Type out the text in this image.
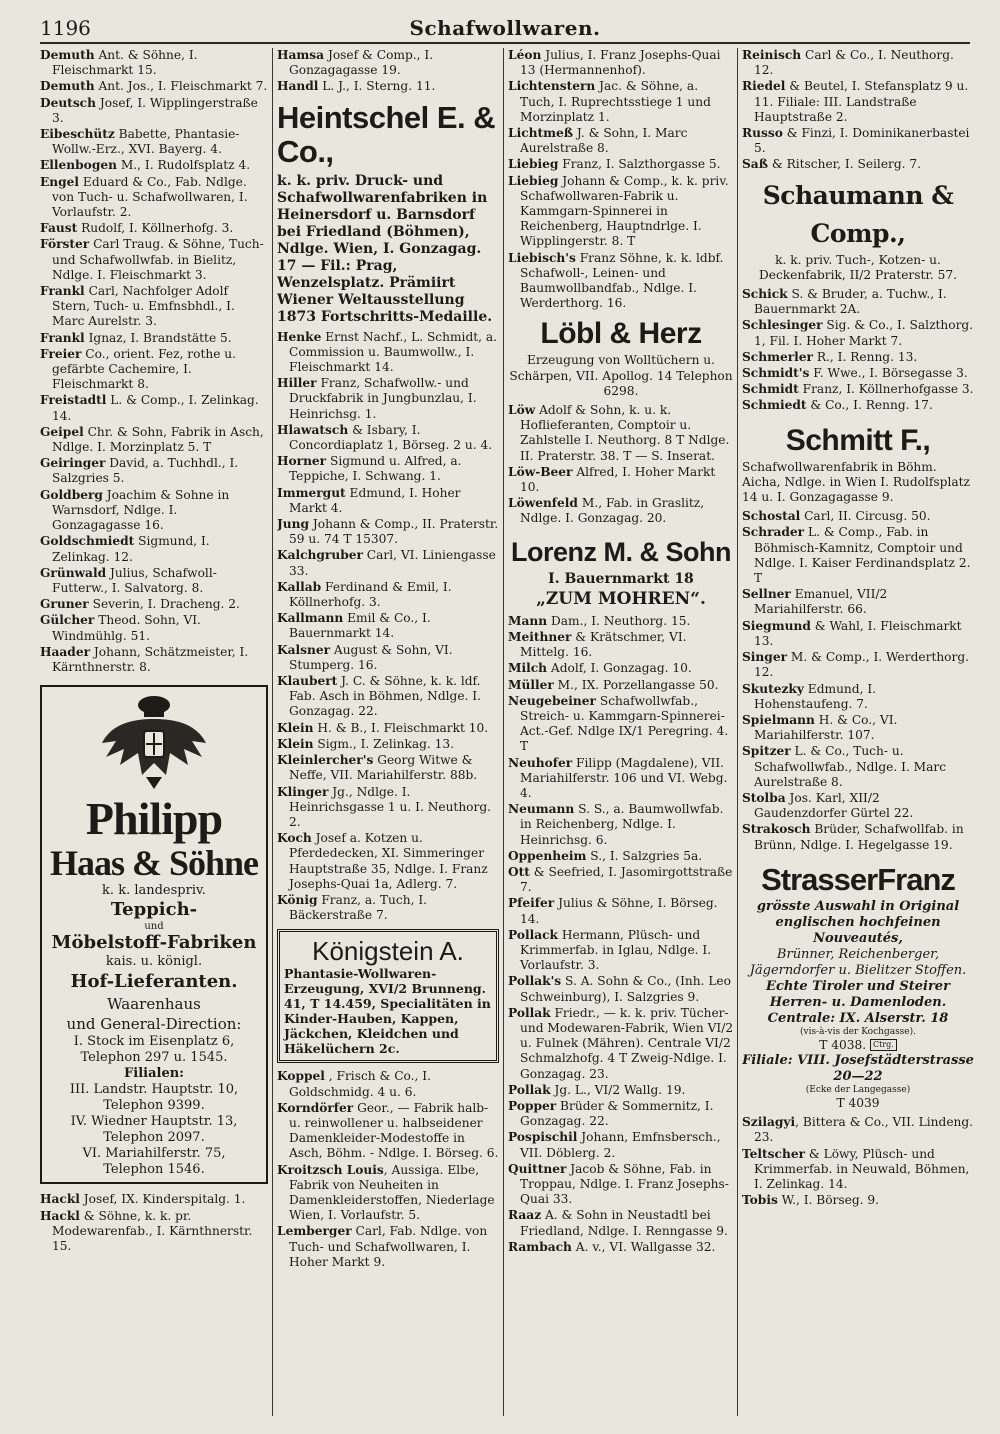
1196	Schafwollwaren.
Demuth Ant. & Söhne, I. Fleischmarkt 15.
Demuth Ant. Jos., I. Fleischmarkt 7.
Deutsch Josef, I. Wipplingerstraße 3.
Eibeschütz Babette, Phantasie-Wollw.-Erz., XVI. Bayerg. 4.
Ellenbogen M., I. Rudolfsplatz 4.
Engel Eduard & Co., Fab. Ndlge. von Tuch- u. Schafwollwaren, I. Vorlaufstr. 2.
Faust Rudolf, I. Köllnerhofg. 3.
Förster Carl Traug. & Söhne, Tuch- und Schafwollwfab. in Bielitz, Ndlge. I. Fleischmarkt 3.
Frankl Carl, Nachfolger Adolf Stern, Tuch- u. Emfnsbhdl., I. Marc Aurelstr. 3.
Frankl Ignaz, I. Brandstätte 5.
Freier Co., orient. Fez, rothe u. gefärbte Cachemire, I. Fleischmarkt 8.
Freistadtl L. & Comp., I. Zelinkag. 14.
Geipel Chr. & Sohn, Fabrik in Asch, Ndlge. I. Morzinplatz 5. T
Geiringer David, a. Tuchhdl., I. Salzgries 5.
Goldberg Joachim & Sohne in Warnsdorf, Ndlge. I. Gonzagagasse 16.
Goldschmiedt Sigmund, I. Zelinkag. 12.
Grünwald Julius, Schafwoll-Futterw., I. Salvatorg. 8.
Gruner Severin, I. Dracheng. 2.
Gülcher Theod. Sohn, VI. Windmühlg. 51.
Haader Johann, Schätzmeister, I. Kärnthnerstr. 8.
Philipp
Haas & Söhne
k. k. landespriv.
Teppich-
und
Möbelstoff-Fabriken
kais. u. königl.
Hof-Lieferanten.
Waarenhaus
und General-Direction:
I. Stock im Eisenplatz 6,
Telephon 297 u. 1545.
Filialen:
III. Landstr. Hauptstr. 10,
Telephon 9399.
IV. Wiedner Hauptstr. 13,
Telephon 2097.
VI. Mariahilferstr. 75,
Telephon 1546.
Hackl Josef, IX. Kinderspitalg. 1.
Hackl & Söhne, k. k. pr. Modewarenfab., I. Kärnthnerstr. 15.
Hamsa Josef & Comp., I. Gonzagagasse 19.
Handl L. J., I. Sterng. 11.
Heintschel E. & Co.,
k. k. priv. Druck- und Schafwollwarenfabriken in Heinersdorf u. Barnsdorf bei Friedland (Böhmen), Ndlge. Wien, I. Gonzagag. 17 — Fil.: Prag, Wenzelsplatz. Prämiirt Wiener Weltausstellung 1873 Fortschritts-Medaille.
Henke Ernst Nachf., L. Schmidt, a. Commission u. Baumwollw., I. Fleischmarkt 14.
Hiller Franz, Schafwollw.- und Druckfabrik in Jungbunzlau, I. Heinrichsg. 1.
Hlawatsch & Isbary, I. Concordiaplatz 1, Börseg. 2 u. 4.
Horner Sigmund u. Alfred, a. Teppiche, I. Schwang. 1.
Immergut Edmund, I. Hoher Markt 4.
Jung Johann & Comp., II. Praterstr. 59 u. 74 T 15307.
Kalchgruber Carl, VI. Liniengasse 33.
Kallab Ferdinand & Emil, I. Köllnerhofg. 3.
Kallmann Emil & Co., I. Bauernmarkt 14.
Kalsner August & Sohn, VI. Stumperg. 16.
Klaubert J. C. & Söhne, k. k. ldf. Fab. Asch in Böhmen, Ndlge. I. Gonzagag. 22.
Klein H. & B., I. Fleischmarkt 10.
Klein Sigm., I. Zelinkag. 13.
Kleinlercher's Georg Witwe & Neffe, VII. Mariahilferstr. 88b.
Klinger Jg., Ndlge. I. Heinrichsgasse 1 u. I. Neuthorg. 2.
Koch Josef a. Kotzen u. Pferdedecken, XI. Simmeringer Hauptstraße 35, Ndlge. I. Franz Josephs-Quai 1a, Adlerg. 7.
König Franz, a. Tuch, I. Bäckerstraße 7.
Königstein A.
Phantasie-Wollwaren-Erzeugung, XVI/2 Brunneng. 41, T 14.459, Specialitäten in Kinder-Hauben, Kappen, Jäckchen, Kleidchen und Häkelüchern 2c.
Koppel , Frisch & Co., I. Goldschmidg. 4 u. 6.
Korndörfer Geor., — Fabrik halb- u. reinwollener u. halbseidener Damenkleider-Modestoffe in Asch, Böhm. - Ndlge. I. Börseg. 6.
Kroitzsch Louis, Aussiga. Elbe, Fabrik von Neuheiten in Damenkleiderstoffen, Niederlage Wien, I. Vorlaufstr. 5.
Lemberger Carl, Fab. Ndlge. von Tuch- und Schafwollwaren, I. Hoher Markt 9.
Léon Julius, I. Franz Josephs-Quai 13 (Hermannenhof).
Lichtenstern Jac. & Söhne, a. Tuch, I. Ruprechtsstiege 1 und Morzinplatz 1.
Lichtmeß J. & Sohn, I. Marc Aurelstraße 8.
Liebieg Franz, I. Salzthorgasse 5.
Liebieg Johann & Comp., k. k. priv. Schafwollwaren-Fabrik u. Kammgarn-Spinnerei in Reichenberg, Hauptndrlge. I. Wipplingerstr. 8. T
Liebisch's Franz Söhne, k. k. ldbf. Schafwoll-, Leinen- und Baumwollbandfab., Ndlge. I. Werderthorg. 16.
Löbl & Herz
Erzeugung von Wolltüchern u. Schärpen, VII. Apollog. 14 Telephon 6298.
Löw Adolf & Sohn, k. u. k. Hoflieferanten, Comptoir u. Zahlstelle I. Neuthorg. 8 T Ndlge. II. Praterstr. 38. T — S. Inserat.
Löw-Beer Alfred, I. Hoher Markt 10.
Löwenfeld M., Fab. in Graslitz, Ndlge. I. Gonzagag. 20.
Lorenz M. & Sohn
I. Bauernmarkt 18
„ZUM MOHREN“.
Mann Dam., I. Neuthorg. 15.
Meithner & Krätschmer, VI. Mittelg. 16.
Milch Adolf, I. Gonzagag. 10.
Müller M., IX. Porzellangasse 50.
Neugebeiner Schafwollwfab., Streich- u. Kammgarn-Spinnerei-Act.-Gef. Ndlge IX/1 Peregring. 4. T
Neuhofer Filipp (Magdalene), VII. Mariahilferstr. 106 und VI. Webg. 4.
Neumann S. S., a. Baumwollwfab. in Reichenberg, Ndlge. I. Heinrichsg. 6.
Oppenheim S., I. Salzgries 5a.
Ott & Seefried, I. Jasomirgottstraße 7.
Pfeifer Julius & Söhne, I. Börseg. 14.
Pollack Hermann, Plüsch- und Krimmerfab. in Iglau, Ndlge. I. Vorlaufstr. 3.
Pollak's S. A. Sohn & Co., (Inh. Leo Schweinburg), I. Salzgries 9.
Pollak Friedr., — k. k. priv. Tücher- und Modewaren-Fabrik, Wien VI/2 u. Fulnek (Mähren). Centrale VI/2 Schmalzhofg. 4 T Zweig-Ndlge. I. Gonzagag. 23.
Pollak Jg. L., VI/2 Wallg. 19.
Popper Brüder & Sommernitz, I. Gonzagag. 22.
Pospischil Johann, Emfnsbersch., VII. Döblerg. 2.
Quittner Jacob & Söhne, Fab. in Troppau, Ndlge. I. Franz Josephs-Quai 33.
Raaz A. & Sohn in Neustadtl bei Friedland, Ndlge. I. Renngasse 9.
Rambach A. v., VI. Wallgasse 32.
Reinisch Carl & Co., I. Neuthorg. 12.
Riedel & Beutel, I. Stefansplatz 9 u. 11. Filiale: III. Landstraße Hauptstraße 2.
Russo & Finzi, I. Dominikanerbastei 5.
Saß & Ritscher, I. Seilerg. 7.
Schaumann & Comp.,
k. k. priv. Tuch-, Kotzen- u. Deckenfabrik, II/2 Praterstr. 57.
Schick S. & Bruder, a. Tuchw., I. Bauernmarkt 2A.
Schlesinger Sig. & Co., I. Salzthorg. 1, Fil. I. Hoher Markt 7.
Schmerler R., I. Renng. 13.
Schmidt's F. Wwe., I. Börsegasse 3.
Schmidt Franz, I. Köllnerhofgasse 3.
Schmiedt & Co., I. Renng. 17.
Schmitt F.,
Schafwollwarenfabrik in Böhm. Aicha, Ndlge. in Wien I. Rudolfsplatz 14 u. I. Gonzagagasse 9.
Schostal Carl, II. Circusg. 50.
Schrader L. & Comp., Fab. in Böhmisch-Kamnitz, Comptoir und Ndlge. I. Kaiser Ferdinandsplatz 2. T
Sellner Emanuel, VII/2 Mariahilferstr. 66.
Siegmund & Wahl, I. Fleischmarkt 13.
Singer M. & Comp., I. Werderthorg. 12.
Skutezky Edmund, I. Hohenstaufeng. 7.
Spielmann H. & Co., VI. Mariahilferstr. 107.
Spitzer L. & Co., Tuch- u. Schafwollwfab., Ndlge. I. Marc Aurelstraße 8.
Stolba Jos. Karl, XII/2 Gaudenzdorfer Gürtel 22.
Strakosch Brüder, Schafwollfab. in Brünn, Ndlge. I. Hegelgasse 19.
StrasserFranz
grösste Auswahl in Original englischen hochfeinen Nouveautés,
Brünner, Reichenberger, Jägerndorfer u. Bielitzer Stoffen.
Echte Tiroler und Steirer Herren- u. Damenloden.
Centrale: IX. Alserstr. 18
(vis-à-vis der Kochgasse).
T 4038. Ctrg.
Filiale: VIII. Josefstädterstrasse 20—22
(Ecke der Langegasse)
T 4039
Szilagyi, Bittera & Co., VII. Lindeng. 23.
Teltscher & Löwy, Plüsch- und Krimmerfab. in Neuwald, Böhmen, I. Zelinkag. 14.
Tobis W., I. Börseg. 9.
